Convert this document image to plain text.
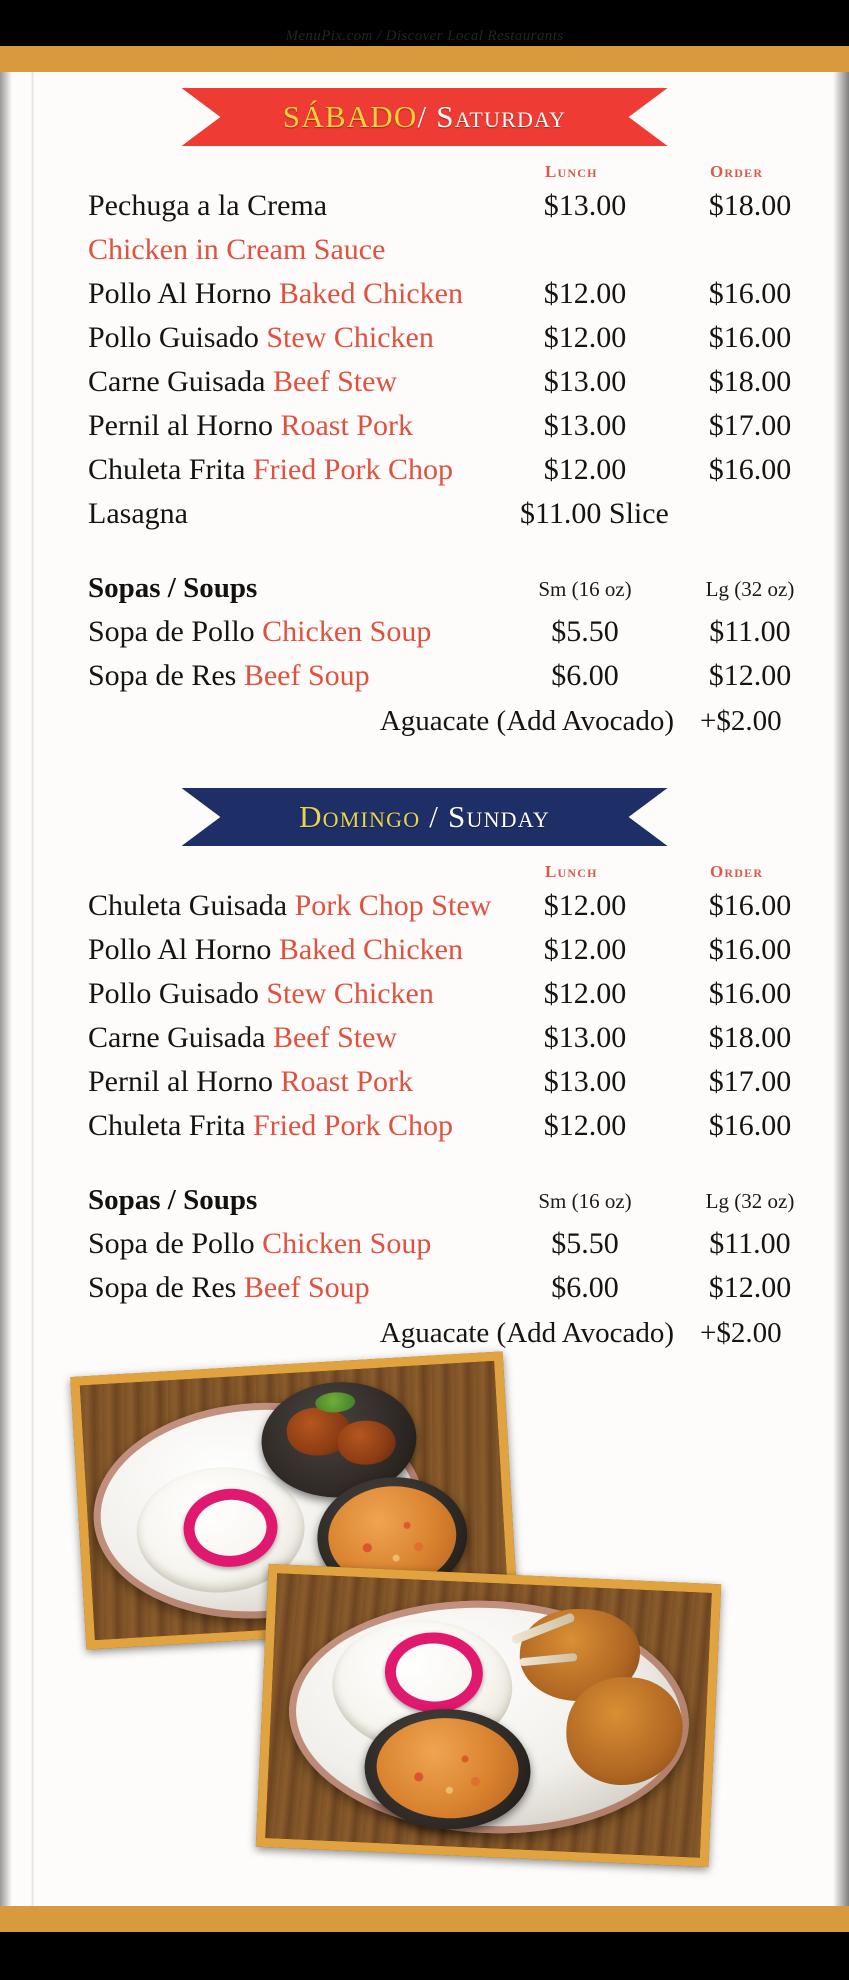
MenuPix.com / Discover Local Restaurants
SÁBADO/ Saturday
Lunch	Order
Pechuga a la Crema	$13.00	$18.00
Chicken in Cream Sauce
Pollo Al Horno Baked Chicken	$12.00	$16.00
Pollo Guisado Stew Chicken	$12.00	$16.00
Carne Guisada Beef Stew	$13.00	$18.00
Pernil al Horno Roast Pork	$13.00	$17.00
Chuleta Frita Fried Pork Chop	$12.00	$16.00
Lasagna	$11.00 Slice
Sopas / Soups	Sm (16 oz)	Lg (32 oz)
Sopa de Pollo Chicken Soup	$5.50	$11.00
Sopa de Res Beef Soup	$6.00	$12.00
Aguacate (Add Avocado) +$2.00
Domingo / Sunday
Lunch	Order
Chuleta Guisada Pork Chop Stew	$12.00	$16.00
Pollo Al Horno Baked Chicken	$12.00	$16.00
Pollo Guisado Stew Chicken	$12.00	$16.00
Carne Guisada Beef Stew	$13.00	$18.00
Pernil al Horno Roast Pork	$13.00	$17.00
Chuleta Frita Fried Pork Chop	$12.00	$16.00
Sopas / Soups	Sm (16 oz)	Lg (32 oz)
Sopa de Pollo Chicken Soup	$5.50	$11.00
Sopa de Res Beef Soup	$6.00	$12.00
Aguacate (Add Avocado) +$2.00
